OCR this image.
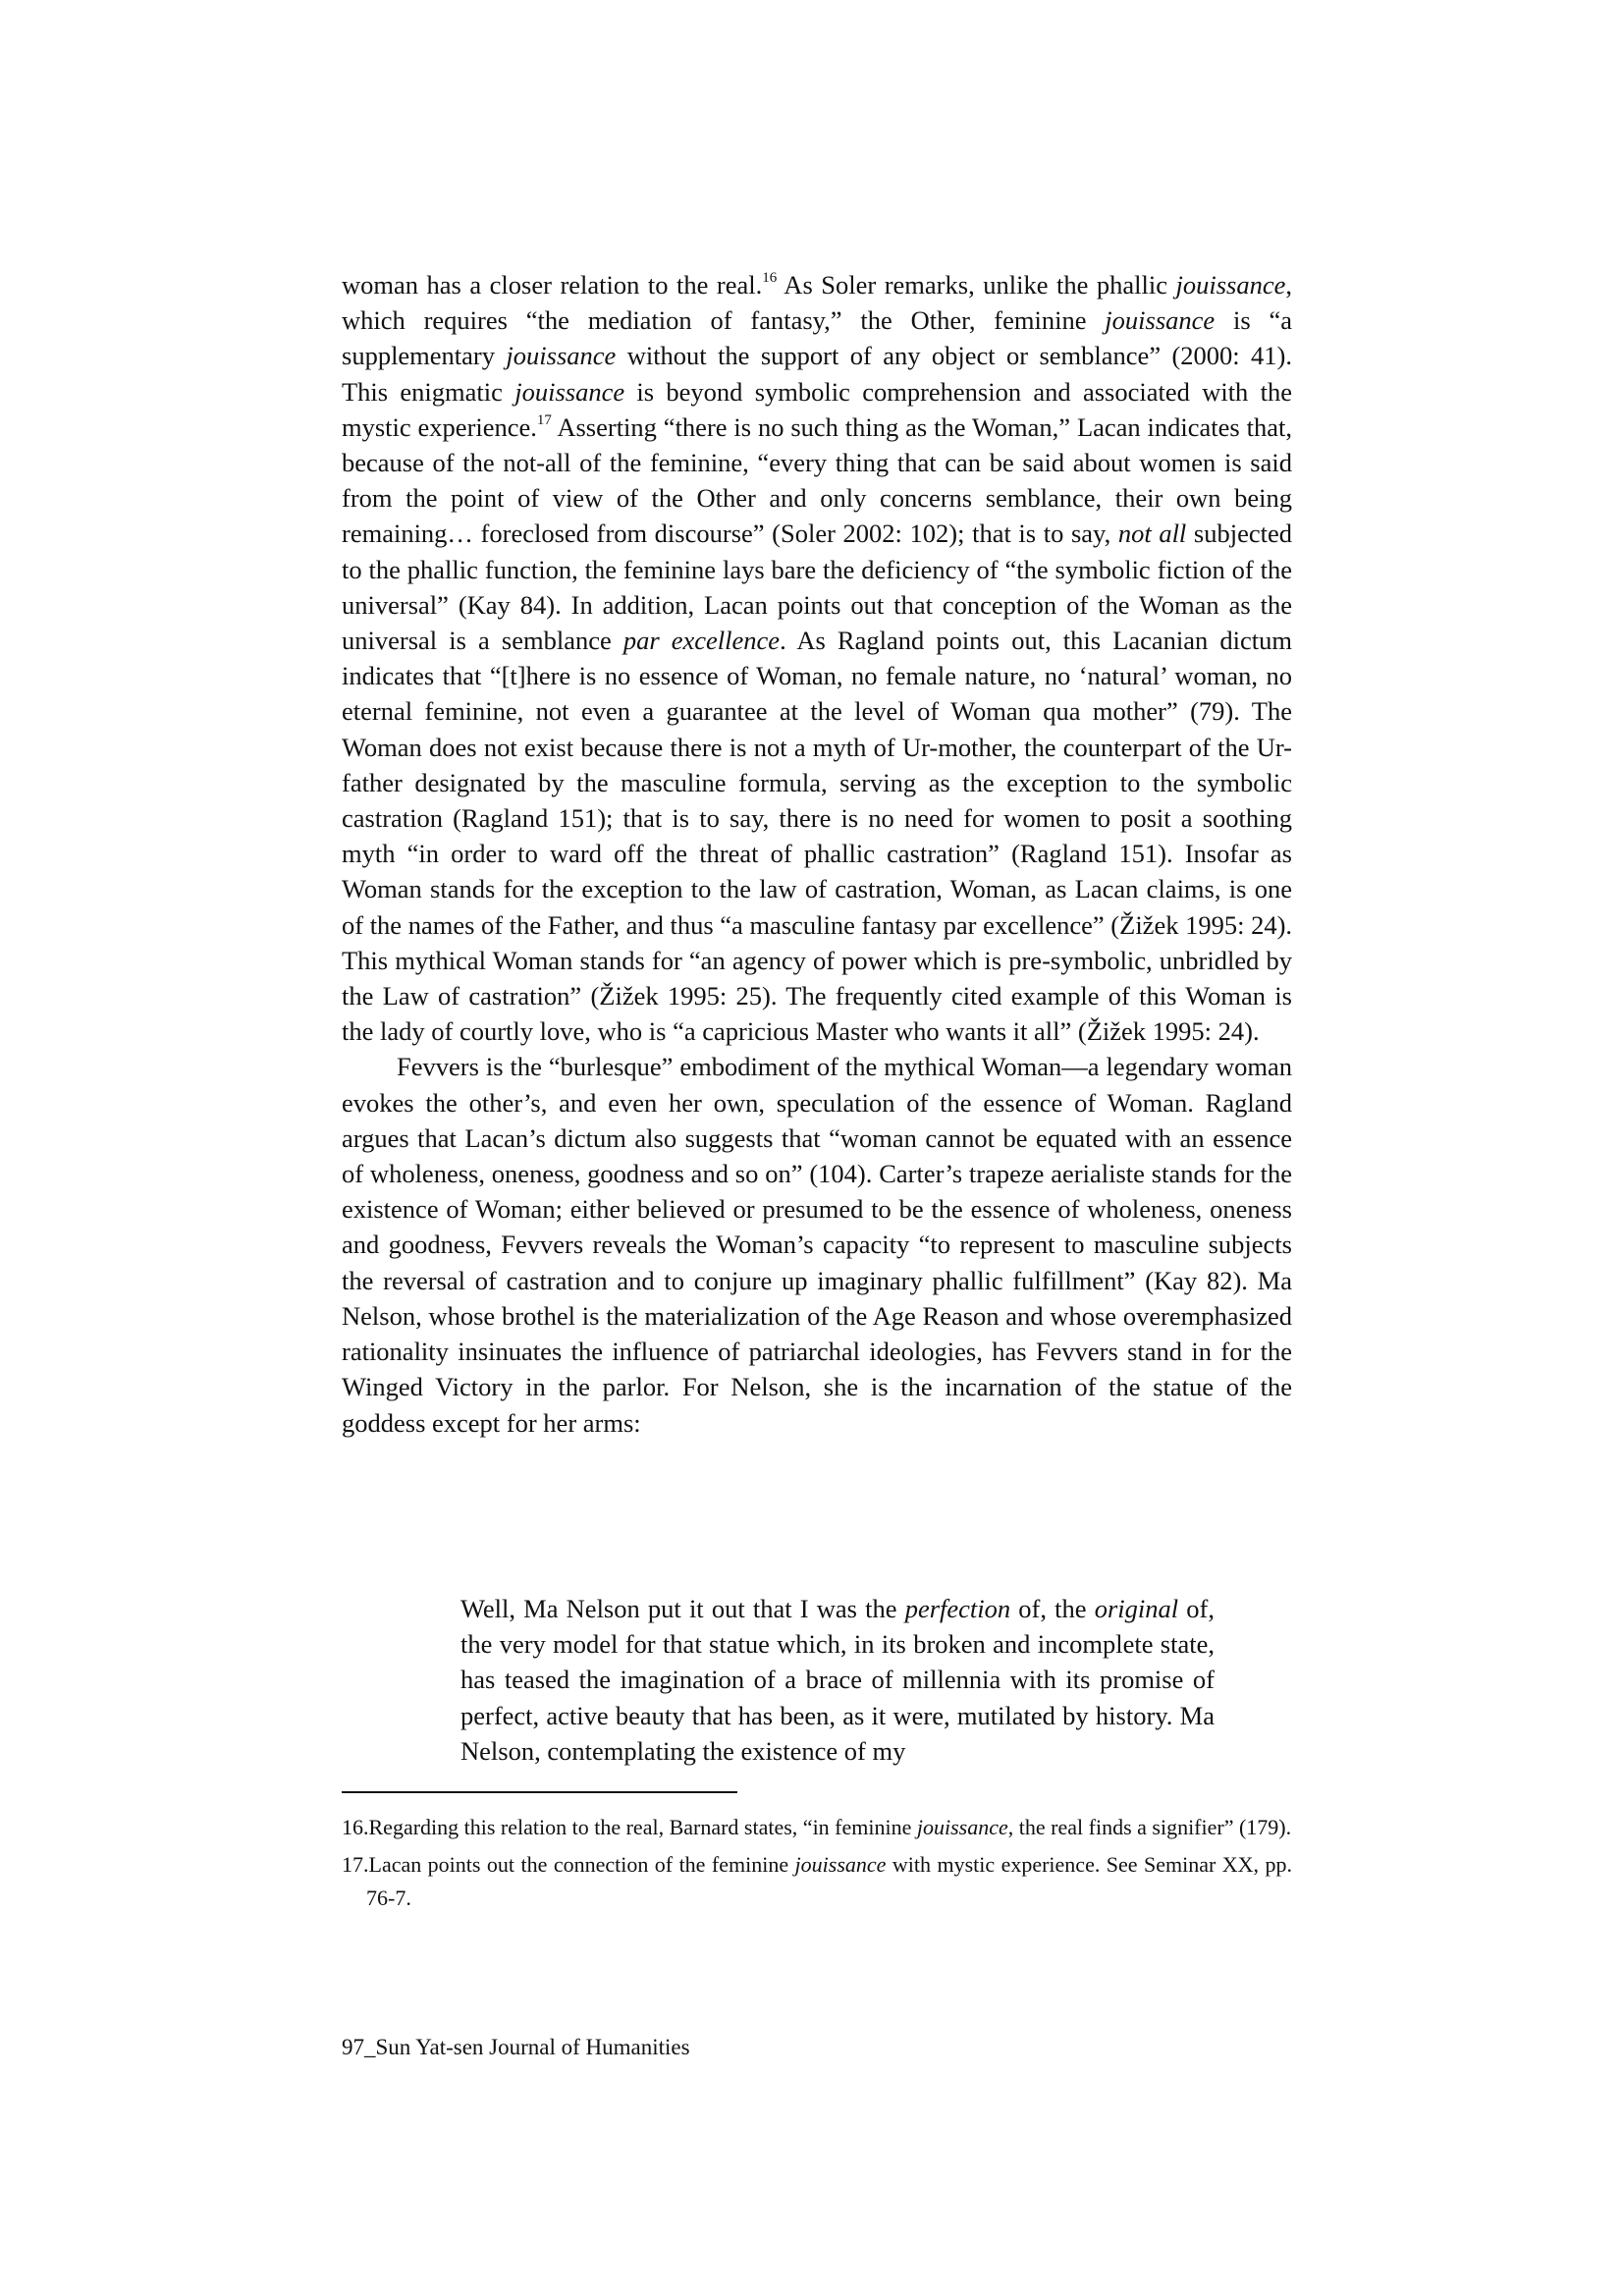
woman has a closer relation to the real.$^{16}$ As Soler remarks, unlike the phallic jouissance, which requires “the mediation of fantasy,” the Other, feminine jouissance is “a supplementary jouissance without the support of any object or semblance” (2000: 41). This enigmatic jouissance is beyond symbolic comprehension and associated with the mystic experience.$^{17}$ Asserting “there is no such thing as the Woman,” Lacan indicates that, because of the not-all of the feminine, “every thing that can be said about women is said from the point of view of the Other and only concerns semblance, their own being remaining… foreclosed from discourse” (Soler 2002: 102); that is to say, not all subjected to the phallic function, the feminine lays bare the deficiency of “the symbolic fiction of the universal” (Kay 84). In addition, Lacan points out that conception of the Woman as the universal is a semblance par excellence. As Ragland points out, this Lacanian dictum indicates that “[t]here is no essence of Woman, no female nature, no ‘natural’ woman, no eternal feminine, not even a guarantee at the level of Woman qua mother” (79). The Woman does not exist because there is not a myth of Ur-mother, the counterpart of the Ur-father designated by the masculine formula, serving as the exception to the symbolic castration (Ragland 151); that is to say, there is no need for women to posit a soothing myth “in order to ward off the threat of phallic castration” (Ragland 151). Insofar as Woman stands for the exception to the law of castration, Woman, as Lacan claims, is one of the names of the Father, and thus “a masculine fantasy par excellence” (Žižek 1995: 24). This mythical Woman stands for “an agency of power which is pre-symbolic, unbridled by the Law of castration” (Žižek 1995: 25). The frequently cited example of this Woman is the lady of courtly love, who is “a capricious Master who wants it all” (Žižek 1995: 24).

Fevvers is the “burlesque” embodiment of the mythical Woman—a legendary woman evokes the other’s, and even her own, speculation of the essence of Woman. Ragland argues that Lacan’s dictum also suggests that “woman cannot be equated with an essence of wholeness, oneness, goodness and so on” (104). Carter’s trapeze aerialiste stands for the existence of Woman; either believed or presumed to be the essence of wholeness, oneness and goodness, Fevvers reveals the Woman’s capacity “to represent to masculine subjects the reversal of castration and to conjure up imaginary phallic fulfillment” (Kay 82). Ma Nelson, whose brothel is the materialization of the Age Reason and whose overemphasized rationality insinuates the influence of patriarchal ideologies, has Fevvers stand in for the Winged Victory in the parlor. For Nelson, she is the incarnation of the statue of the goddess except for her arms:

Well, Ma Nelson put it out that I was the perfection of, the original of, the very model for that statue which, in its broken and incomplete state, has teased the imagination of a brace of millennia with its promise of perfect, active beauty that has been, as it were, mutilated by history. Ma Nelson, contemplating the existence of my

16.Regarding this relation to the real, Barnard states, “in feminine jouissance, the real finds a signifier” (179).

17.Lacan points out the connection of the feminine jouissance with mystic experience. See Seminar XX, pp. 76-7.

97_Sun Yat-sen Journal of Humanities
